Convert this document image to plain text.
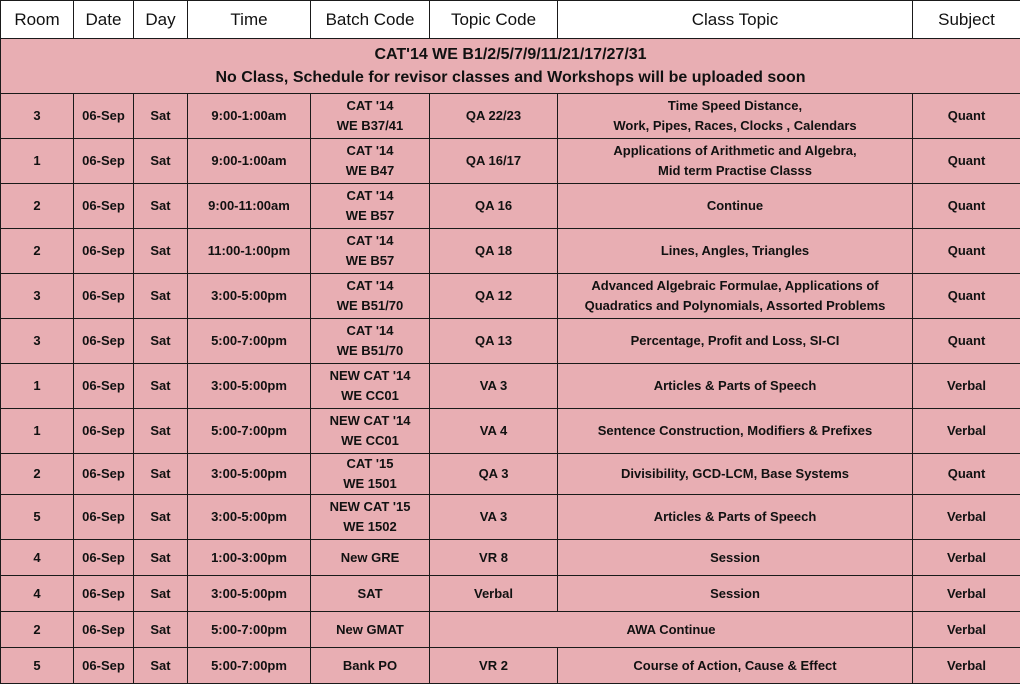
Room	Date	Day	Time	Batch Code	Topic Code	Class Topic	Subject

CAT'14 WE B1/2/5/7/9/11/21/17/27/31
No Class, Schedule for revisor classes and Workshops will be uploaded soon							

3	06-Sep	Sat	9:00-1:00am	CAT '14
WE B37/41	QA 22/23	Time Speed Distance,
Work, Pipes, Races, Clocks , Calendars	Quant
1	06-Sep	Sat	9:00-1:00am	CAT '14
WE B47	QA 16/17	Applications of Arithmetic and Algebra,
Mid term Practise Classs	Quant
2	06-Sep	Sat	9:00-11:00am	CAT '14
WE B57	QA 16	Continue	Quant
2	06-Sep	Sat	11:00-1:00pm	CAT '14
WE B57	QA 18	Lines, Angles, Triangles	Quant
3	06-Sep	Sat	3:00-5:00pm	CAT '14
WE B51/70	QA 12	Advanced Algebraic Formulae, Applications of
Quadratics and Polynomials, Assorted Problems	Quant
3	06-Sep	Sat	5:00-7:00pm	CAT '14
WE B51/70	QA 13	Percentage, Profit and Loss, SI-CI	Quant
1	06-Sep	Sat	3:00-5:00pm	NEW CAT '14
WE CC01	VA 3	Articles & Parts of Speech	Verbal
1	06-Sep	Sat	5:00-7:00pm	NEW CAT '14
WE CC01	VA 4	Sentence Construction, Modifiers & Prefixes	Verbal
2	06-Sep	Sat	3:00-5:00pm	CAT '15
WE 1501	QA 3	Divisibility, GCD-LCM, Base Systems	Quant
5	06-Sep	Sat	3:00-5:00pm	NEW CAT '15
WE 1502	VA 3	Articles & Parts of Speech	Verbal
4	06-Sep	Sat	1:00-3:00pm	New GRE	VR 8	Session	Verbal
4	06-Sep	Sat	3:00-5:00pm	SAT	Verbal	Session	Verbal
2	06-Sep	Sat	5:00-7:00pm	New GMAT	AWA Continue		Verbal
5	06-Sep	Sat	5:00-7:00pm	Bank PO	VR 2	Course of Action, Cause & Effect	Verbal
